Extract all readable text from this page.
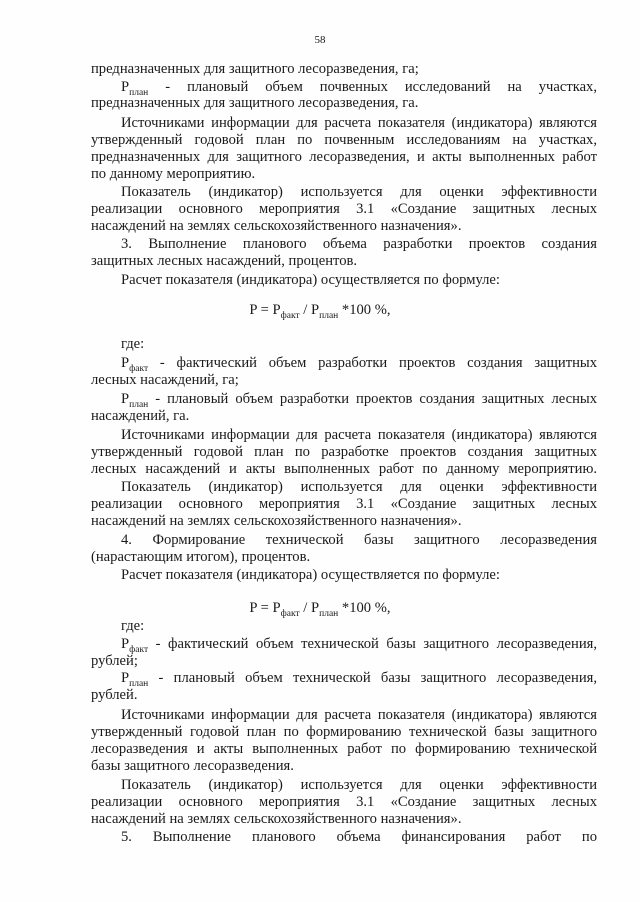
58
предназначенных для защитного лесоразведения, га;
$P_{план}$ - плановый объем почвенных исследований на участках,
предназначенных для защитного лесоразведения, га.
Источниками информации для расчета показателя (индикатора) являются
утвержденный годовой план по почвенным исследованиям на участках,
предназначенных для защитного лесоразведения, и акты выполненных работ
по данному мероприятию.
Показатель (индикатор) используется для оценки эффективности
реализации основного мероприятия 3.1 «Создание защитных лесных
насаждений на землях сельскохозяйственного назначения».
3. Выполнение планового объема разработки проектов создания
защитных лесных насаждений, процентов.
Расчет показателя (индикатора) осуществляется по формуле:
$P = P_{факт} / P_{план}$ *100 %,
где:
$P_{факт}$ - фактический объем разработки проектов создания защитных
лесных насаждений, га;
$P_{план}$ - плановый объем разработки проектов создания защитных лесных
насаждений, га.
Источниками информации для расчета показателя (индикатора) являются
утвержденный годовой план по разработке проектов создания защитных
лесных насаждений и акты выполненных работ по данному мероприятию.
Показатель (индикатор) используется для оценки эффективности
реализации основного мероприятия 3.1 «Создание защитных лесных
насаждений на землях сельскохозяйственного назначения».
4. Формирование технической базы защитного лесоразведения
(нарастающим итогом), процентов.
Расчет показателя (индикатора) осуществляется по формуле:
$P = P_{факт} / P_{план}$ *100 %,
где:
$P_{факт}$ - фактический объем технической базы защитного лесоразведения,
рублей;
$P_{план}$ - плановый объем технической базы защитного лесоразведения,
рублей.
Источниками информации для расчета показателя (индикатора) являются
утвержденный годовой план по формированию технической базы защитного
лесоразведения и акты выполненных работ по формированию технической
базы защитного лесоразведения.
Показатель (индикатор) используется для оценки эффективности
реализации основного мероприятия 3.1 «Создание защитных лесных
насаждений на землях сельскохозяйственного назначения».
5. Выполнение планового объема финансирования работ по
